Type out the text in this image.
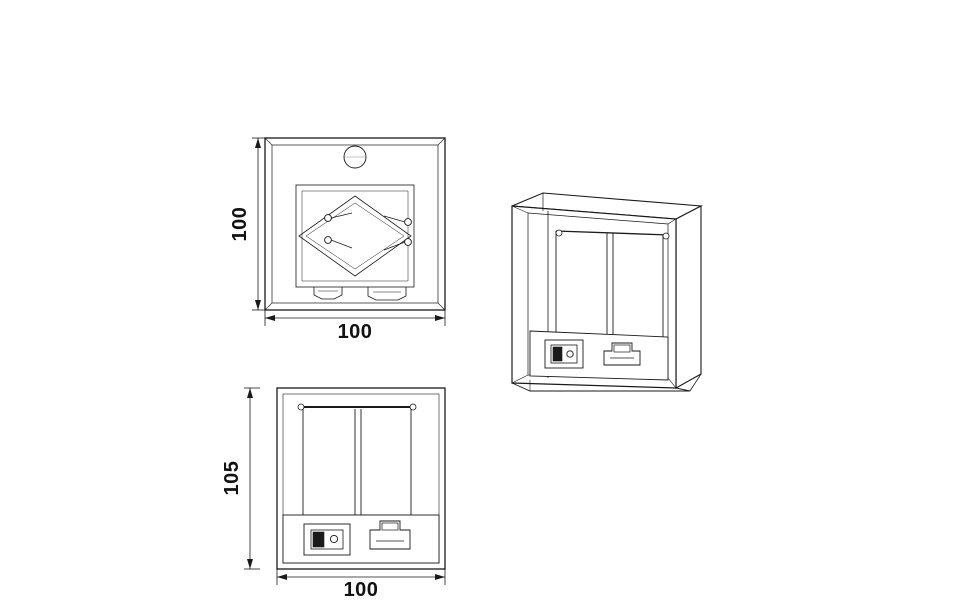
100
100
105
100
